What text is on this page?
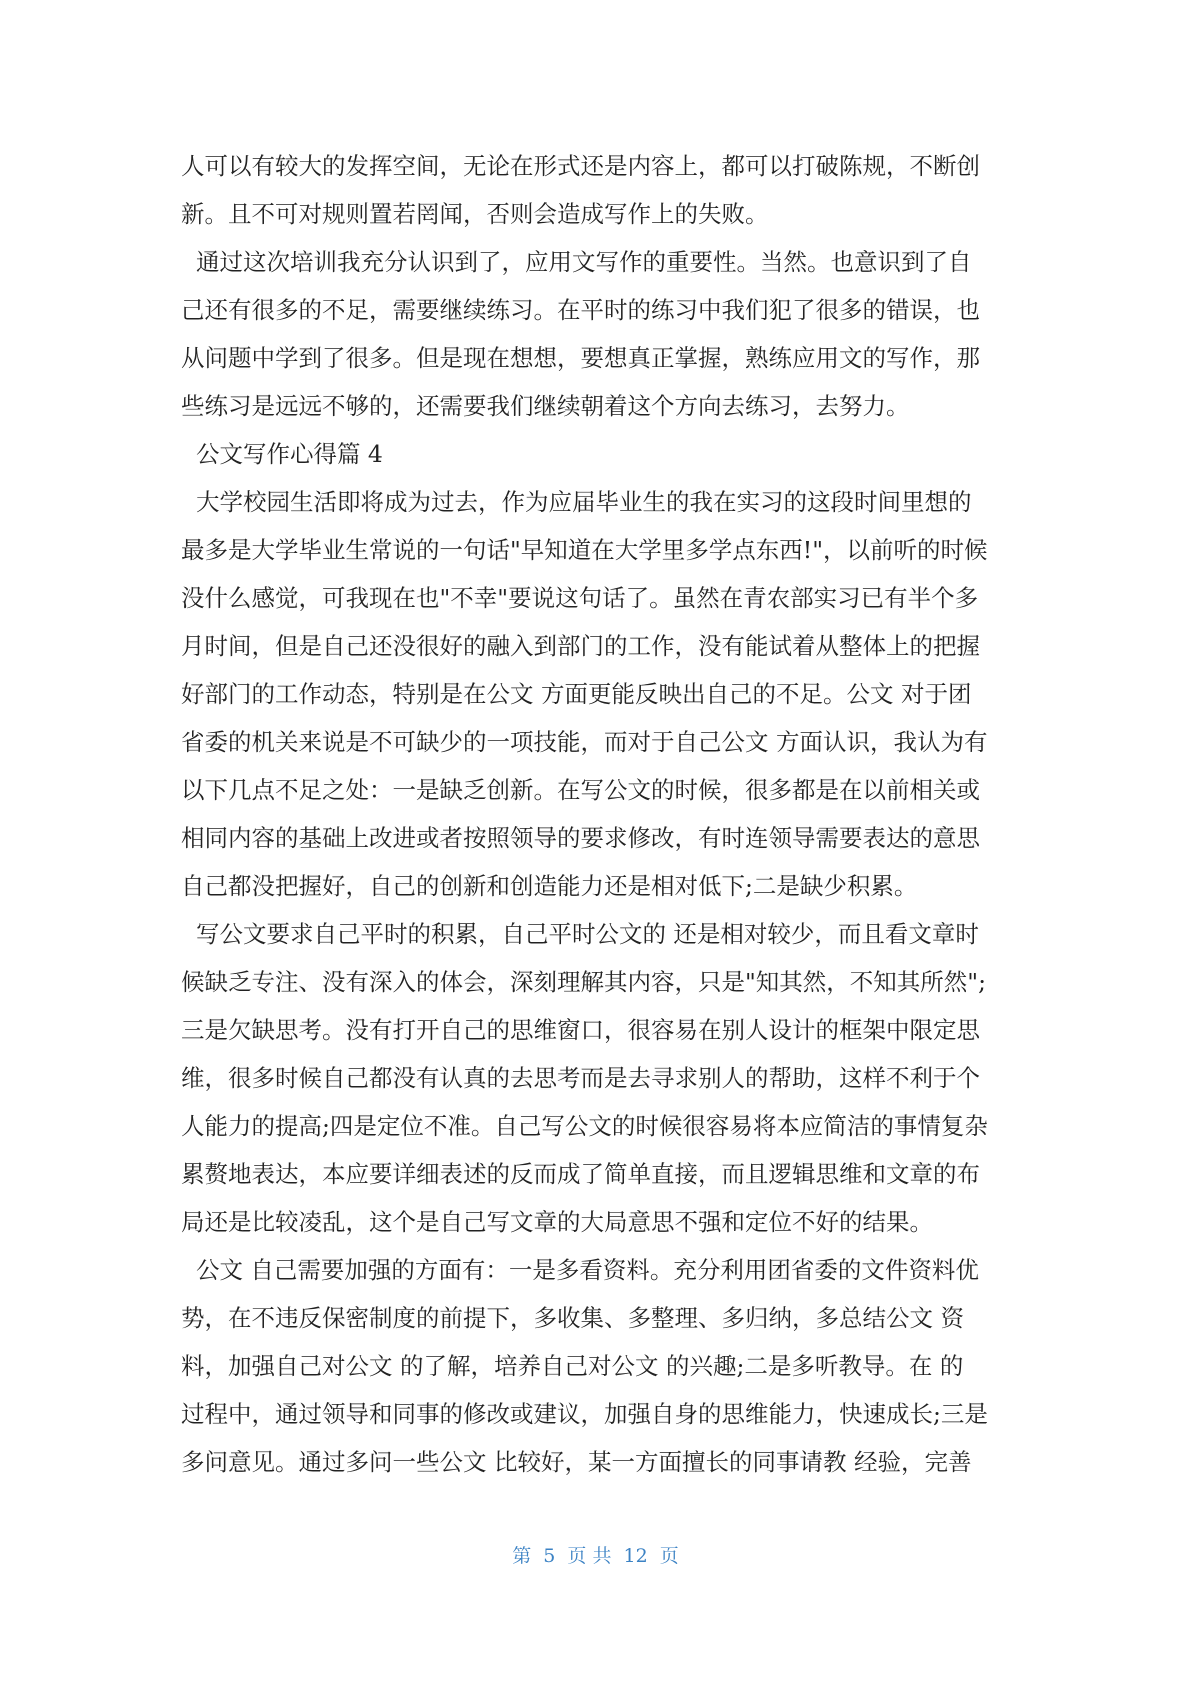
人可以有较大的发挥空间，无论在形式还是内容上，都可以打破陈规，不断创
新。且不可对规则置若罔闻，否则会造成写作上的失败。
通过这次培训我充分认识到了，应用文写作的重要性。当然。也意识到了自
己还有很多的不足，需要继续练习。在平时的练习中我们犯了很多的错误，也
从问题中学到了很多。但是现在想想，要想真正掌握，熟练应用文的写作，那
些练习是远远不够的，还需要我们继续朝着这个方向去练习，去努力。
公文写作心得篇 4
大学校园生活即将成为过去，作为应届毕业生的我在实习的这段时间里想的
最多是大学毕业生常说的一句话"早知道在大学里多学点东西!"，以前听的时候
没什么感觉，可我现在也"不幸"要说这句话了。虽然在青农部实习已有半个多
月时间，但是自己还没很好的融入到部门的工作，没有能试着从整体上的把握
好部门的工作动态，特别是在公文 方面更能反映出自己的不足。公文 对于团
省委的机关来说是不可缺少的一项技能，而对于自己公文 方面认识，我认为有
以下几点不足之处：一是缺乏创新。在写公文的时候，很多都是在以前相关或
相同内容的基础上改进或者按照领导的要求修改，有时连领导需要表达的意思
自己都没把握好，自己的创新和创造能力还是相对低下;二是缺少积累。
写公文要求自己平时的积累，自己平时公文的 还是相对较少，而且看文章时
候缺乏专注、没有深入的体会，深刻理解其内容，只是"知其然，不知其所然";
三是欠缺思考。没有打开自己的思维窗口，很容易在别人设计的框架中限定思
维，很多时候自己都没有认真的去思考而是去寻求别人的帮助，这样不利于个
人能力的提高;四是定位不准。自己写公文的时候很容易将本应简洁的事情复杂
累赘地表达，本应要详细表述的反而成了简单直接，而且逻辑思维和文章的布
局还是比较凌乱，这个是自己写文章的大局意思不强和定位不好的结果。
公文 自己需要加强的方面有：一是多看资料。充分利用团省委的文件资料优
势，在不违反保密制度的前提下，多收集、多整理、多归纳，多总结公文 资
料，加强自己对公文 的了解，培养自己对公文 的兴趣;二是多听教导。在 的
过程中，通过领导和同事的修改或建议，加强自身的思维能力，快速成长;三是
多问意见。通过多问一些公文 比较好，某一方面擅长的同事请教 经验，完善
第  5  页 共  12  页
